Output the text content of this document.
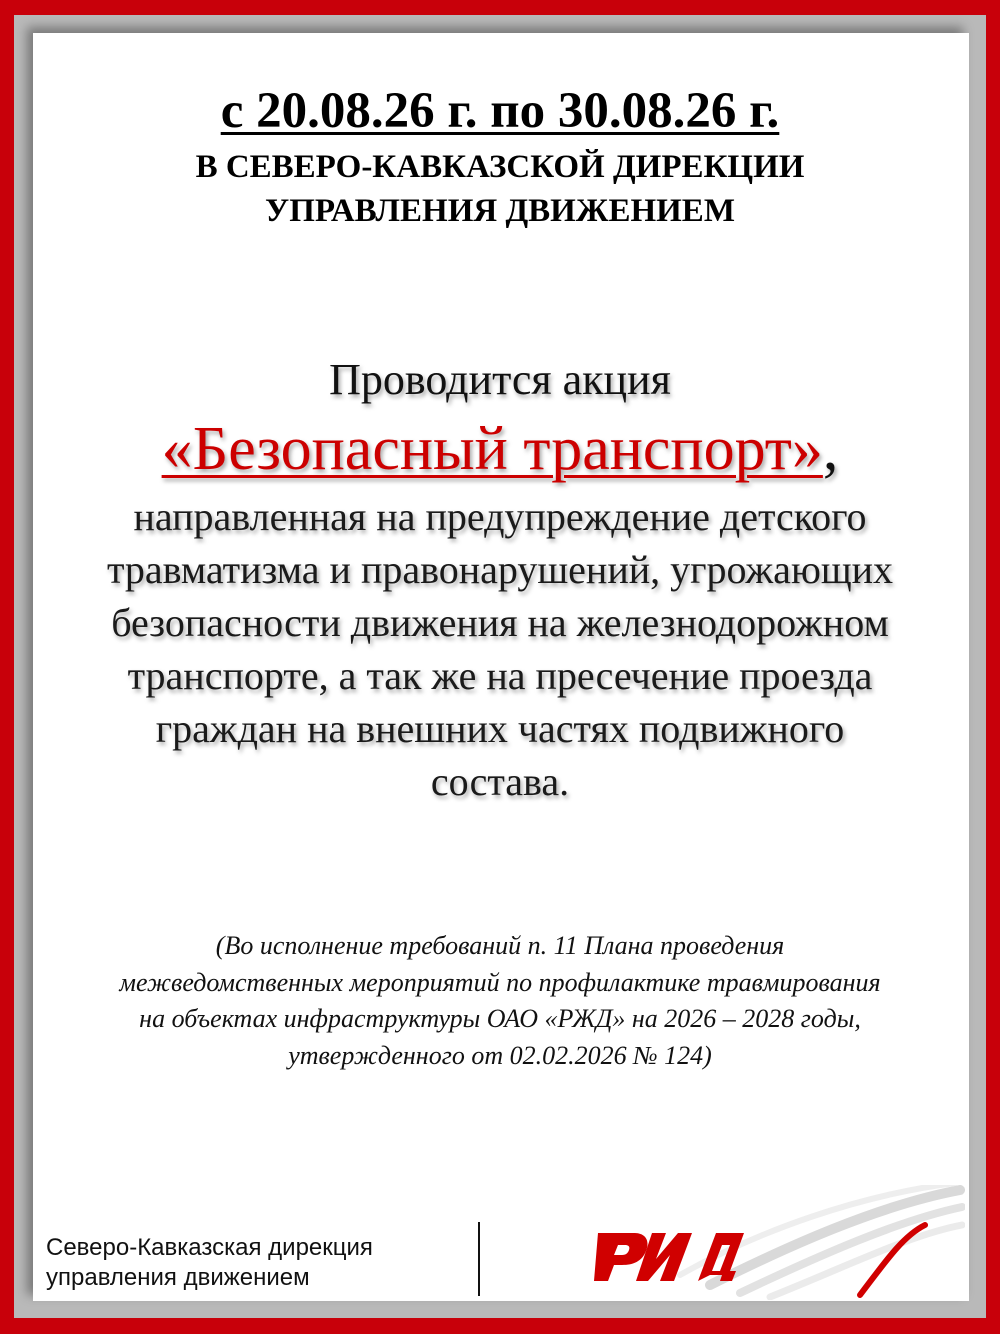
с 20.08.26 г. по 30.08.26 г.
В СЕВЕРО-КАВКАЗСКОЙ ДИРЕКЦИИ
УПРАВЛЕНИЯ ДВИЖЕНИЕМ
Проводится акция
«Безопасный транспорт»,
направленная на предупреждение детского
травматизма и правонарушений, угрожающих
безопасности движения на железнодорожном
транспорте, а так же на пресечение проезда
граждан на внешних частях подвижного
состава.
(Во исполнение требований п. 11 Плана проведения
межведомственных мероприятий по профилактике травмирования
на объектах инфраструктуры ОАО «РЖД» на 2026 – 2028 годы,
утвержденного от 02.02.2026 № 124)
Северо-Кавказская дирекция
управления движением
